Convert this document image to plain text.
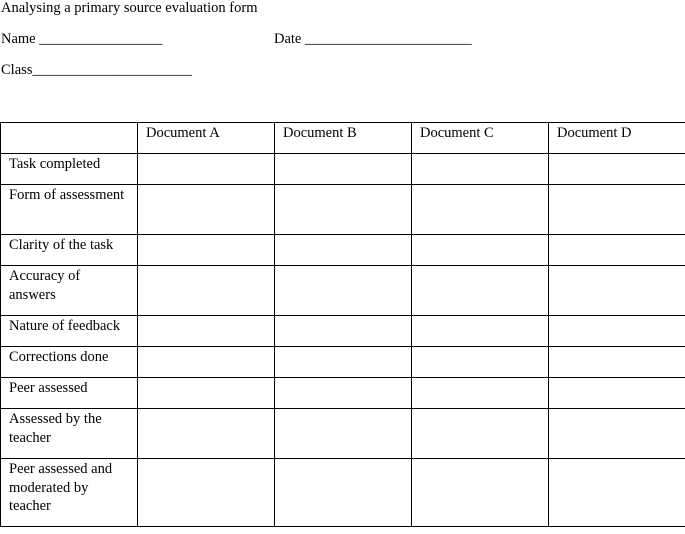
Analysing a primary source evaluation form
Name _________________	Date _______________________
Class______________________
	Document A	Document B	Document C	Document D
Task completed				
Form of assessment				
Clarity of the task				
Accuracy of answers				
Nature of feedback				
Corrections done				
Peer assessed				
Assessed by the teacher				
Peer assessed and moderated by teacher				
